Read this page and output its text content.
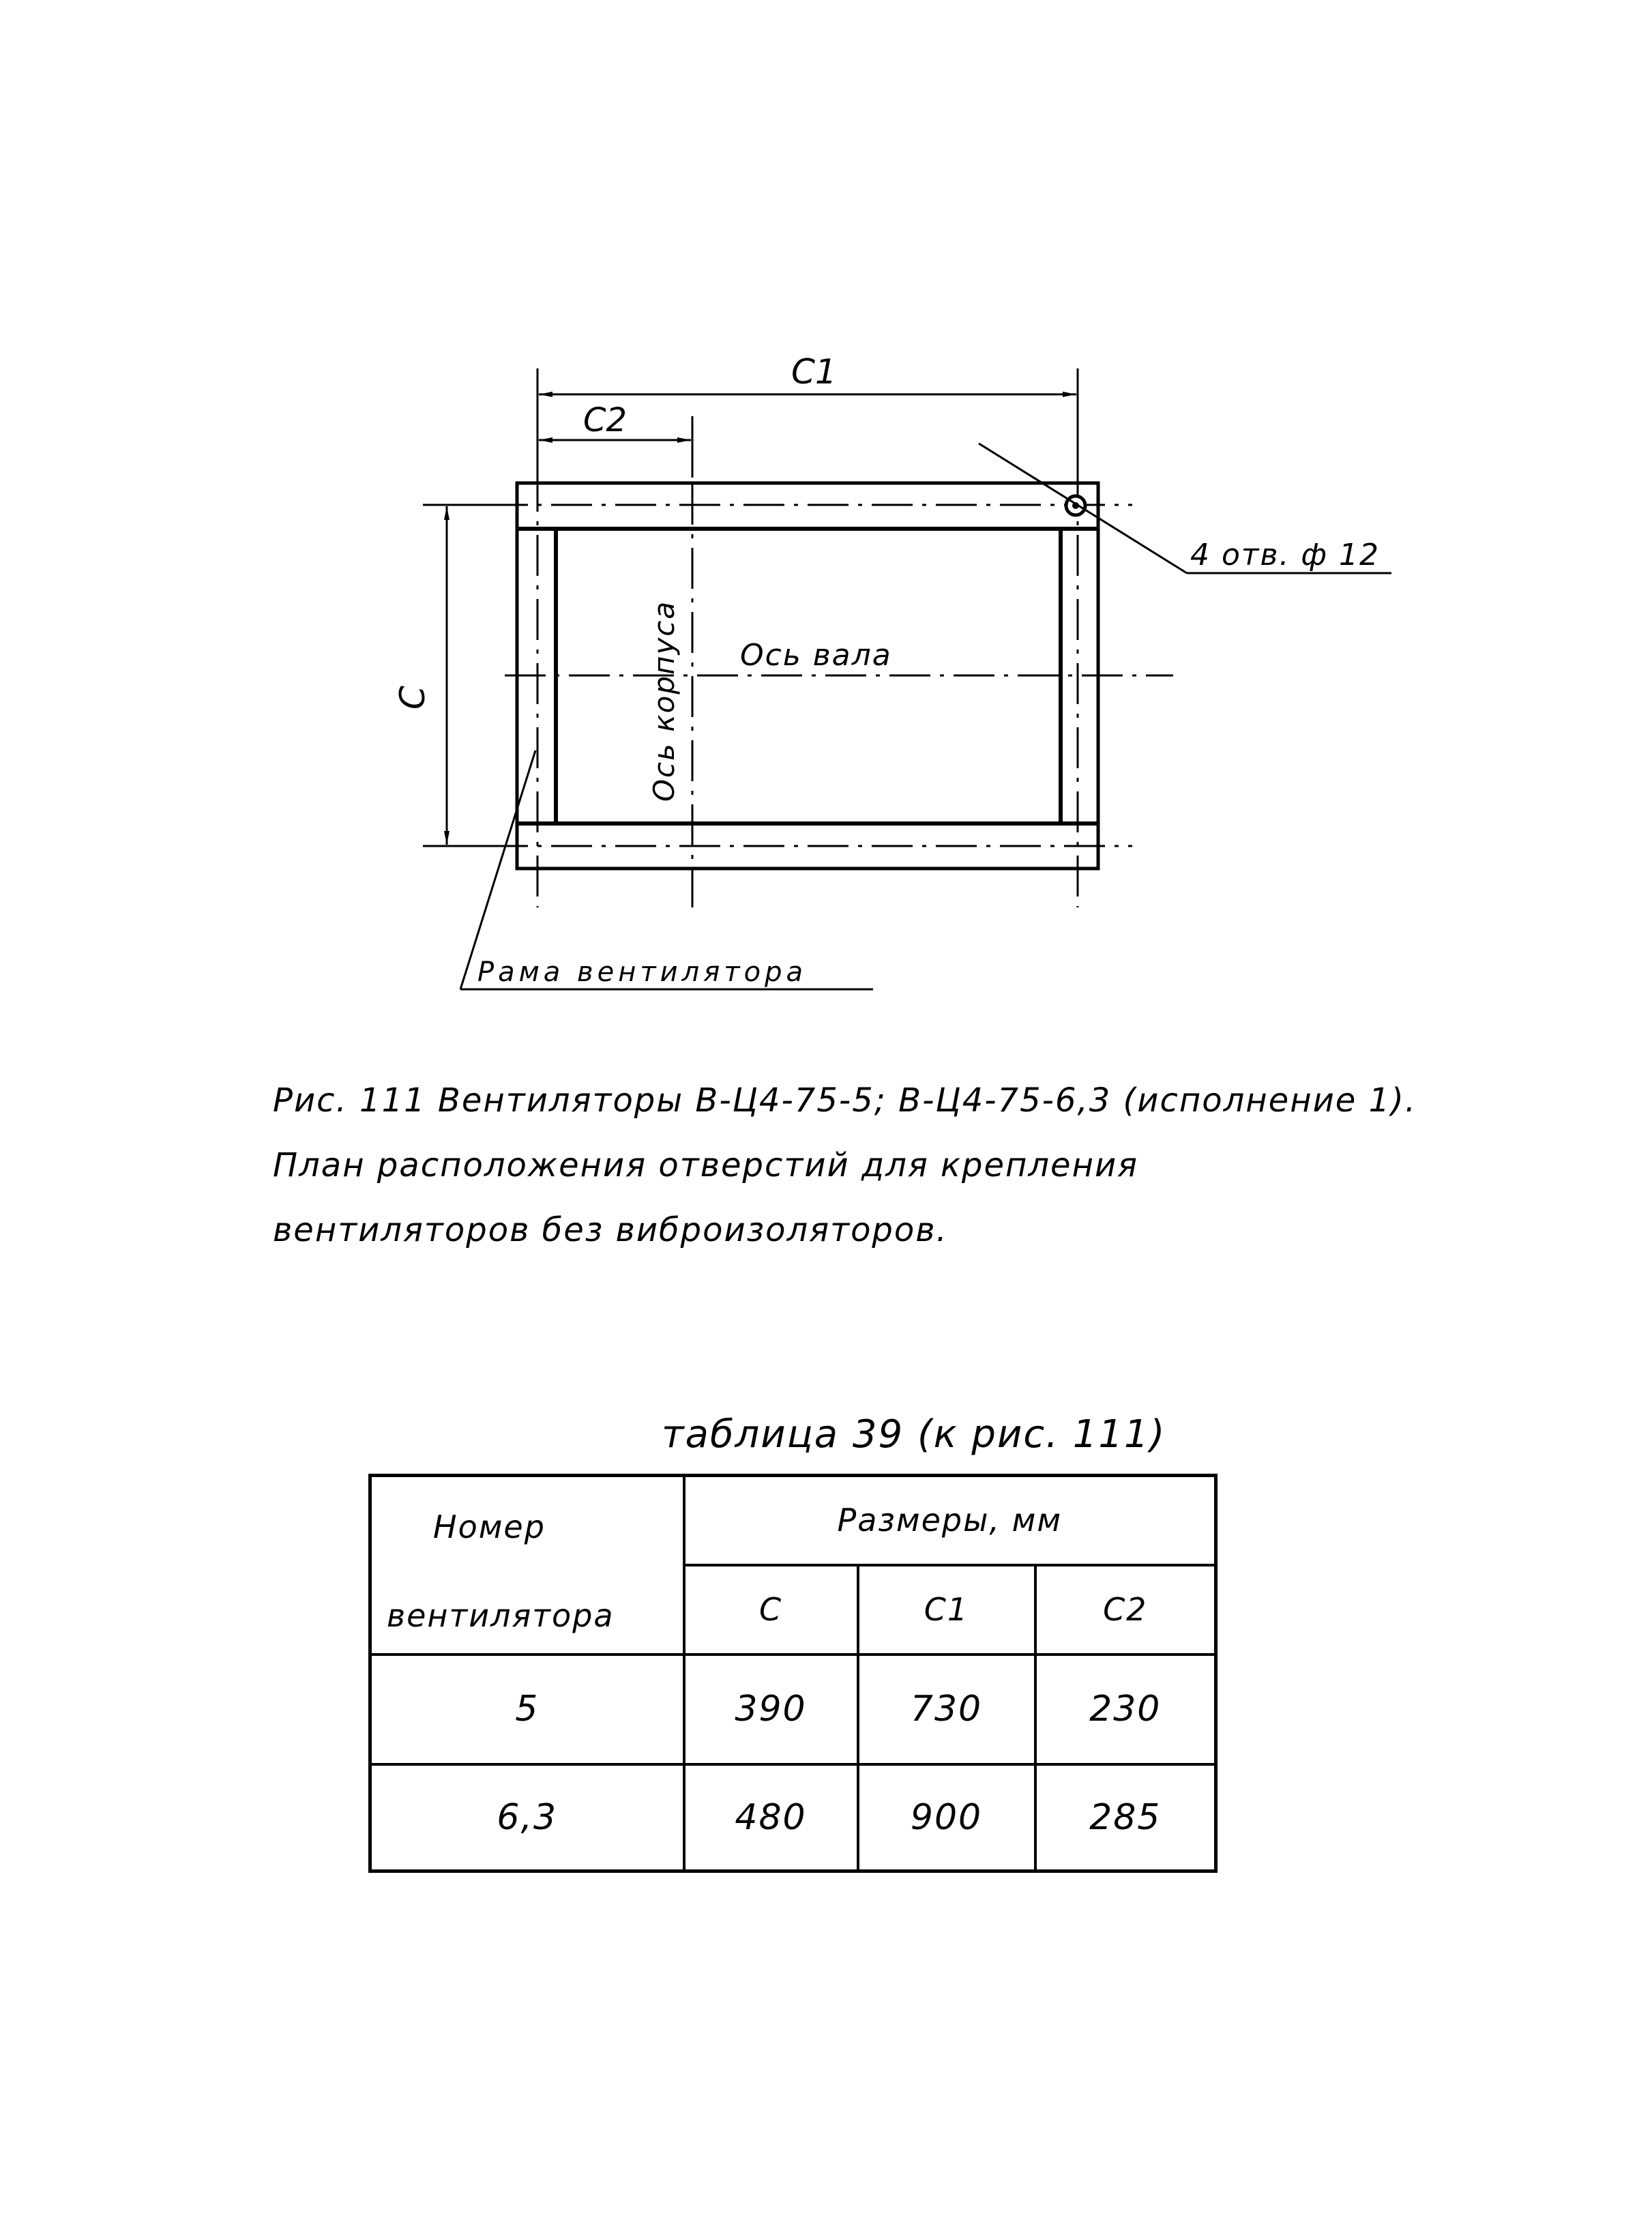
C1
C2
C
4 отв. ф 12
Ось вала
Ось корпуса
Рама вентилятора
Рис. 111 Вентиляторы В-Ц4-75-5; В-Ц4-75-6,3 (исполнение 1).
План расположения отверстий для крепления
вентиляторов без виброизоляторов.
таблица 39 (к рис. 111)
Номер
вентилятора	Размеры, мм		
	С	С1	С2
5	390	730	230
6,3	480	900	285
